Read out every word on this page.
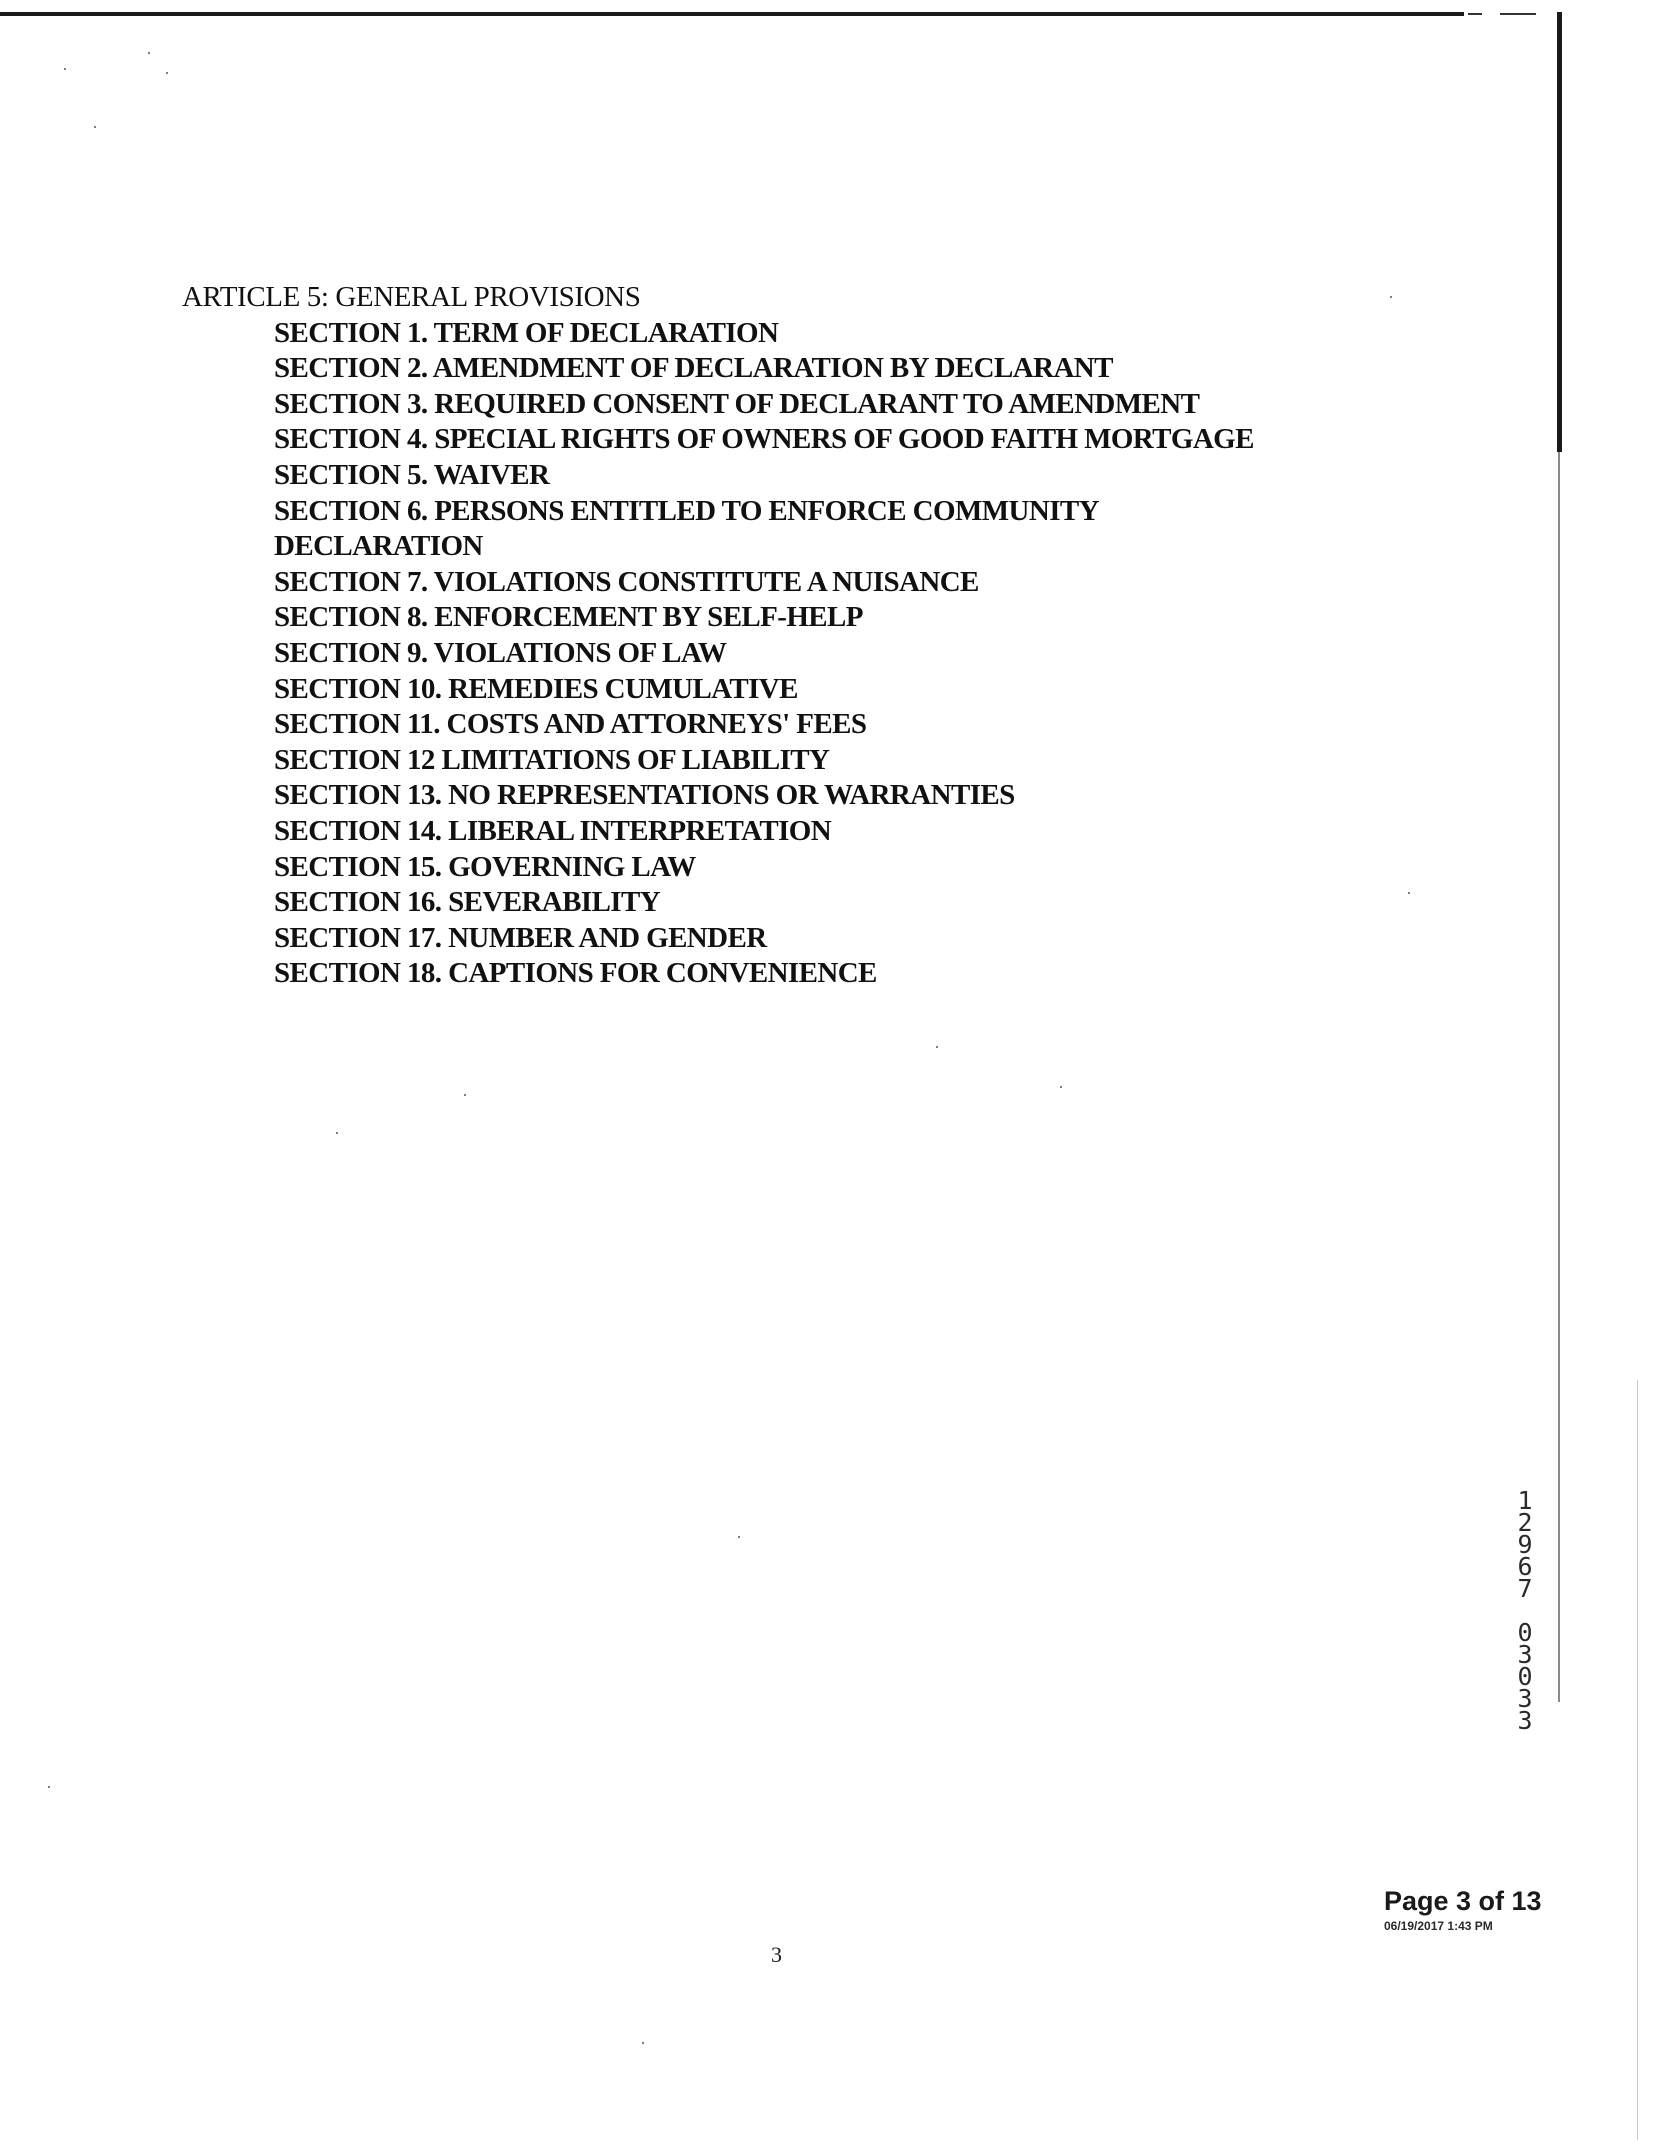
ARTICLE 5: GENERAL PROVISIONS
SECTION 1. TERM OF DECLARATION
SECTION 2. AMENDMENT OF DECLARATION BY DECLARANT
SECTION 3. REQUIRED CONSENT OF DECLARANT TO AMENDMENT
SECTION 4. SPECIAL RIGHTS OF OWNERS OF GOOD FAITH MORTGAGE
SECTION 5. WAIVER
SECTION 6. PERSONS ENTITLED TO ENFORCE COMMUNITY DECLARATION
SECTION 7. VIOLATIONS CONSTITUTE A NUISANCE
SECTION 8. ENFORCEMENT BY SELF-HELP
SECTION 9. VIOLATIONS OF LAW
SECTION 10. REMEDIES CUMULATIVE
SECTION 11. COSTS AND ATTORNEYS' FEES
SECTION 12 LIMITATIONS OF LIABILITY
SECTION 13. NO REPRESENTATIONS OR WARRANTIES
SECTION 14. LIBERAL INTERPRETATION
SECTION 15. GOVERNING LAW
SECTION 16. SEVERABILITY
SECTION 17. NUMBER AND GENDER
SECTION 18. CAPTIONS FOR CONVENIENCE
1
2
9
6
7
0
3
0
3
3
Page 3 of 13
06/19/2017 1:43 PM
3
